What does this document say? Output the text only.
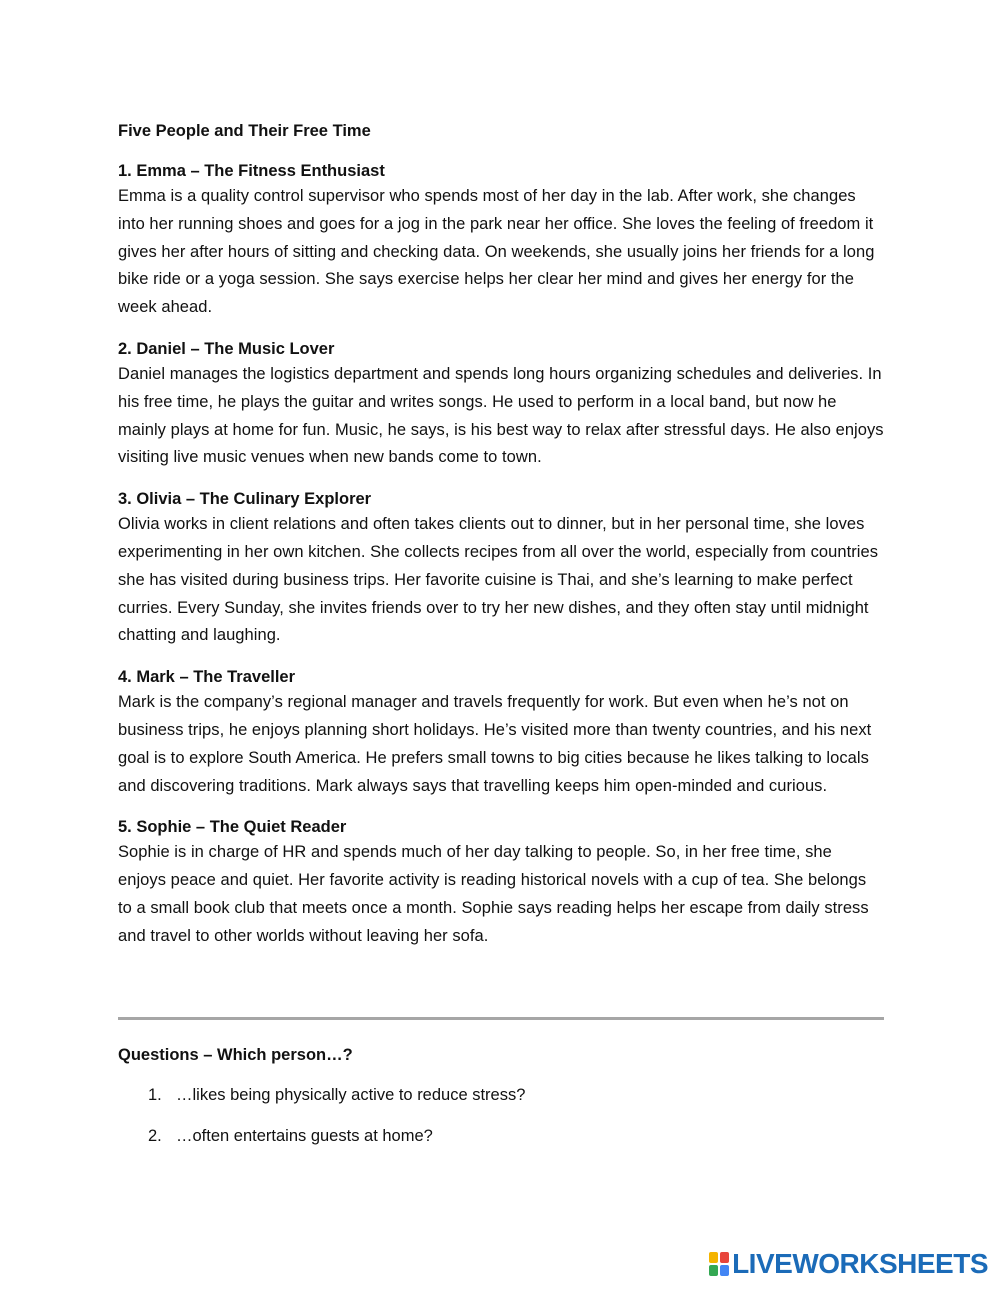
Five People and Their Free Time
1. Emma – The Fitness Enthusiast

Emma is a quality control supervisor who spends most of her day in the lab. After work, she changes into her running shoes and goes for a jog in the park near her office. She loves the feeling of freedom it gives her after hours of sitting and checking data. On weekends, she usually joins her friends for a long bike ride or a yoga session. She says exercise helps her clear her mind and gives her energy for the week ahead.

2. Daniel – The Music Lover

Daniel manages the logistics department and spends long hours organizing schedules and deliveries. In his free time, he plays the guitar and writes songs. He used to perform in a local band, but now he mainly plays at home for fun. Music, he says, is his best way to relax after stressful days. He also enjoys visiting live music venues when new bands come to town.

3. Olivia – The Culinary Explorer

Olivia works in client relations and often takes clients out to dinner, but in her personal time, she loves experimenting in her own kitchen. She collects recipes from all over the world, especially from countries she has visited during business trips. Her favorite cuisine is Thai, and she’s learning to make perfect curries. Every Sunday, she invites friends over to try her new dishes, and they often stay until midnight chatting and laughing.

4. Mark – The Traveller

Mark is the company’s regional manager and travels frequently for work. But even when he’s not on business trips, he enjoys planning short holidays. He’s visited more than twenty countries, and his next goal is to explore South America. He prefers small towns to big cities because he likes talking to locals and discovering traditions. Mark always says that travelling keeps him open-minded and curious.

5. Sophie – The Quiet Reader

Sophie is in charge of HR and spends much of her day talking to people. So, in her free time, she enjoys peace and quiet. Her favorite activity is reading historical novels with a cup of tea. She belongs to a small book club that meets once a month. Sophie says reading helps her escape from daily stress and travel to other worlds without leaving her sofa.

Questions – Which person…?
1. …likes being physically active to reduce stress?
2. …often entertains guests at home?
LIVEWORKSHEETS
